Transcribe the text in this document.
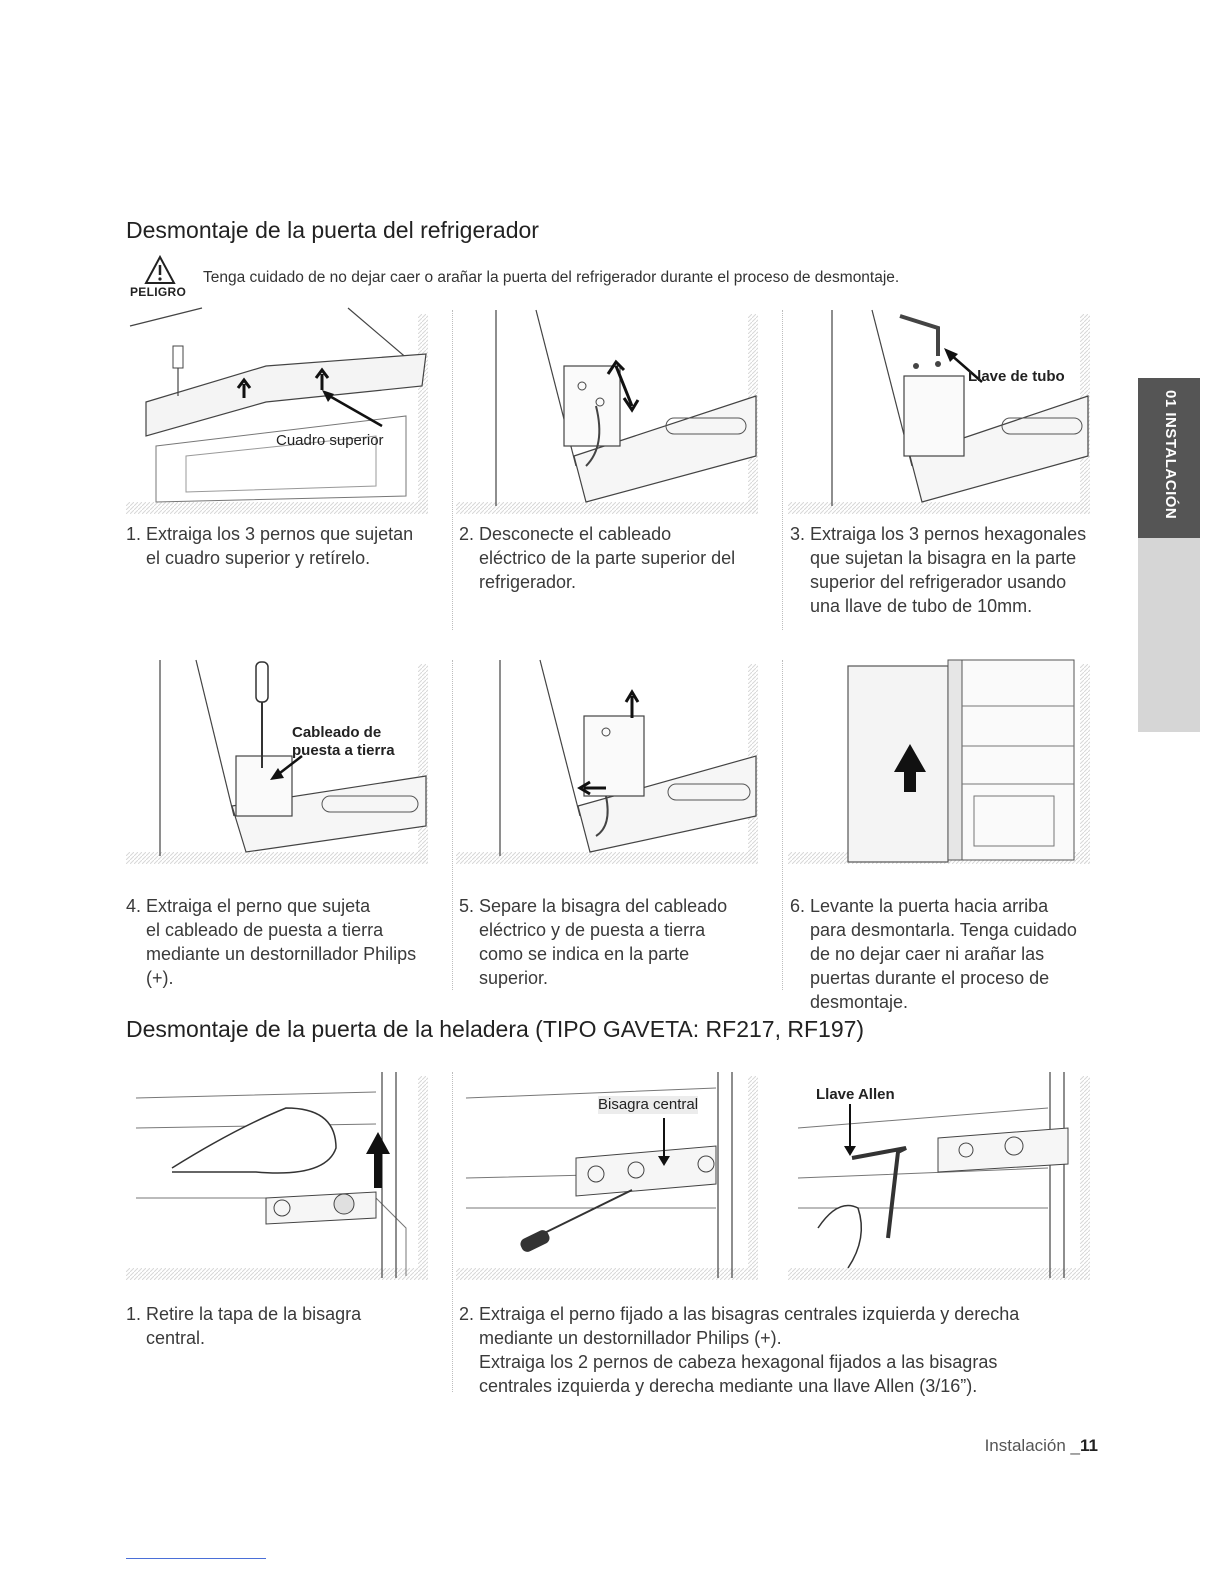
Desmontaje de la puerta del refrigerador
PELIGRO
Tenga cuidado de no dejar caer o arañar la puerta del refrigerador durante el proceso de desmontaje.
Cuadro superior
Llave de tubo
1. Extraiga los 3 pernos que sujetan
el cuadro superior y retírelo.
2. Desconecte el cableado
eléctrico de la parte superior del
refrigerador.
3. Extraiga los 3 pernos hexagonales
que sujetan la bisagra en la parte
superior del refrigerador usando
una llave de tubo de 10mm.
Cableado de
puesta a tierra
4. Extraiga el perno que sujeta
el cableado de puesta a tierra
mediante un destornillador Philips
(+).
5. Separe la bisagra del cableado
eléctrico y de puesta a tierra
como se indica en la parte
superior.
6. Levante la puerta hacia arriba
para desmontarla. Tenga cuidado
de no dejar caer ni arañar las
puertas durante el proceso de
desmontaje.
Desmontaje de la puerta de la heladera (TIPO GAVETA: RF217, RF197)
Bisagra central
Llave Allen
1. Retire la tapa de la bisagra
central.
2. Extraiga el perno fijado a las bisagras centrales izquierda y derecha
mediante un destornillador Philips (+).
Extraiga los 2 pernos de cabeza hexagonal fijados a las bisagras
centrales izquierda y derecha mediante una llave Allen (3/16”).
01 INSTALACIÓN
Instalación _11
